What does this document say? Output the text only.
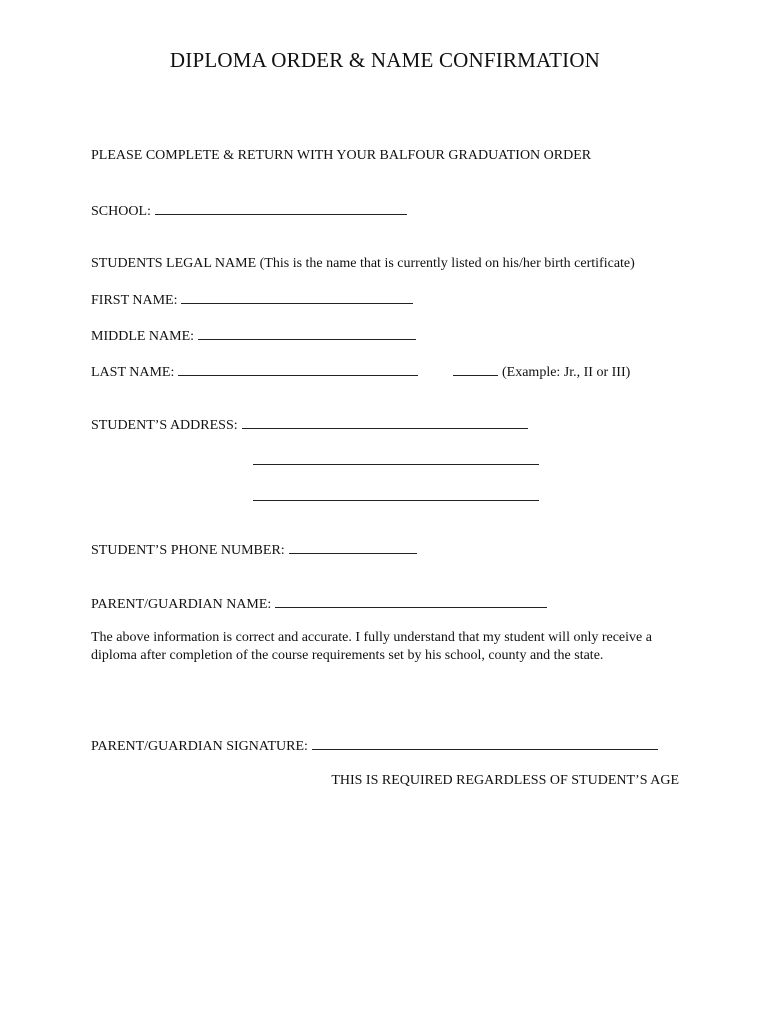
DIPLOMA ORDER & NAME CONFIRMATION
PLEASE COMPLETE & RETURN WITH YOUR BALFOUR GRADUATION ORDER
SCHOOL:
STUDENTS LEGAL NAME (This is the name that is currently listed on his/her birth certificate)
FIRST NAME:
MIDDLE NAME:
LAST NAME:	(Example: Jr., II or III)
STUDENT’S ADDRESS:
STUDENT’S PHONE NUMBER:
PARENT/GUARDIAN NAME:
The above information is correct and accurate. I fully understand that my student will only receive a diploma after completion of the course requirements set by his school, county and the state.
PARENT/GUARDIAN SIGNATURE:
THIS IS REQUIRED REGARDLESS OF STUDENT’S AGE
